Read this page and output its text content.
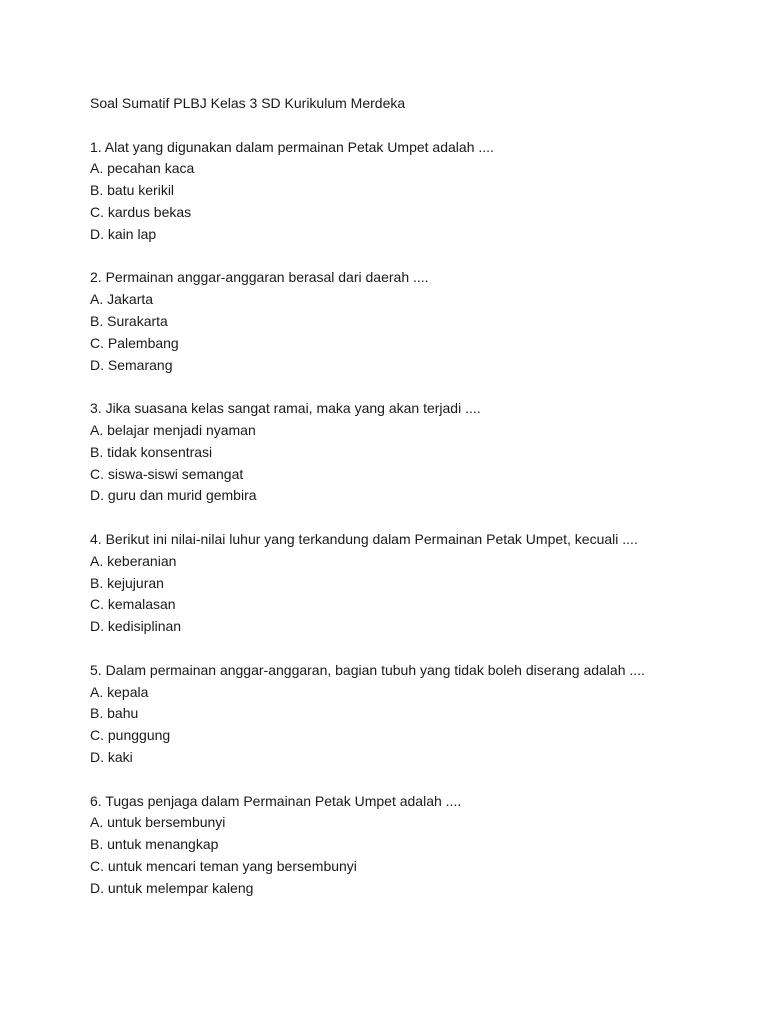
Soal Sumatif PLBJ Kelas 3 SD Kurikulum Merdeka
1. Alat yang digunakan dalam permainan Petak Umpet adalah ....
A. pecahan kaca
B. batu kerikil
C. kardus bekas
D. kain lap
2. Permainan anggar-anggaran berasal dari daerah ....
A. Jakarta
B. Surakarta
C. Palembang
D. Semarang
3. Jika suasana kelas sangat ramai, maka yang akan terjadi ....
A. belajar menjadi nyaman
B. tidak konsentrasi
C. siswa-siswi semangat
D. guru dan murid gembira
4. Berikut ini nilai-nilai luhur yang terkandung dalam Permainan Petak Umpet, kecuali ....
A. keberanian
B. kejujuran
C. kemalasan
D. kedisiplinan
5. Dalam permainan anggar-anggaran, bagian tubuh yang tidak boleh diserang adalah ....
A. kepala
B. bahu
C. punggung
D. kaki
6. Tugas penjaga dalam Permainan Petak Umpet adalah ....
A. untuk bersembunyi
B. untuk menangkap
C. untuk mencari teman yang bersembunyi
D. untuk melempar kaleng
